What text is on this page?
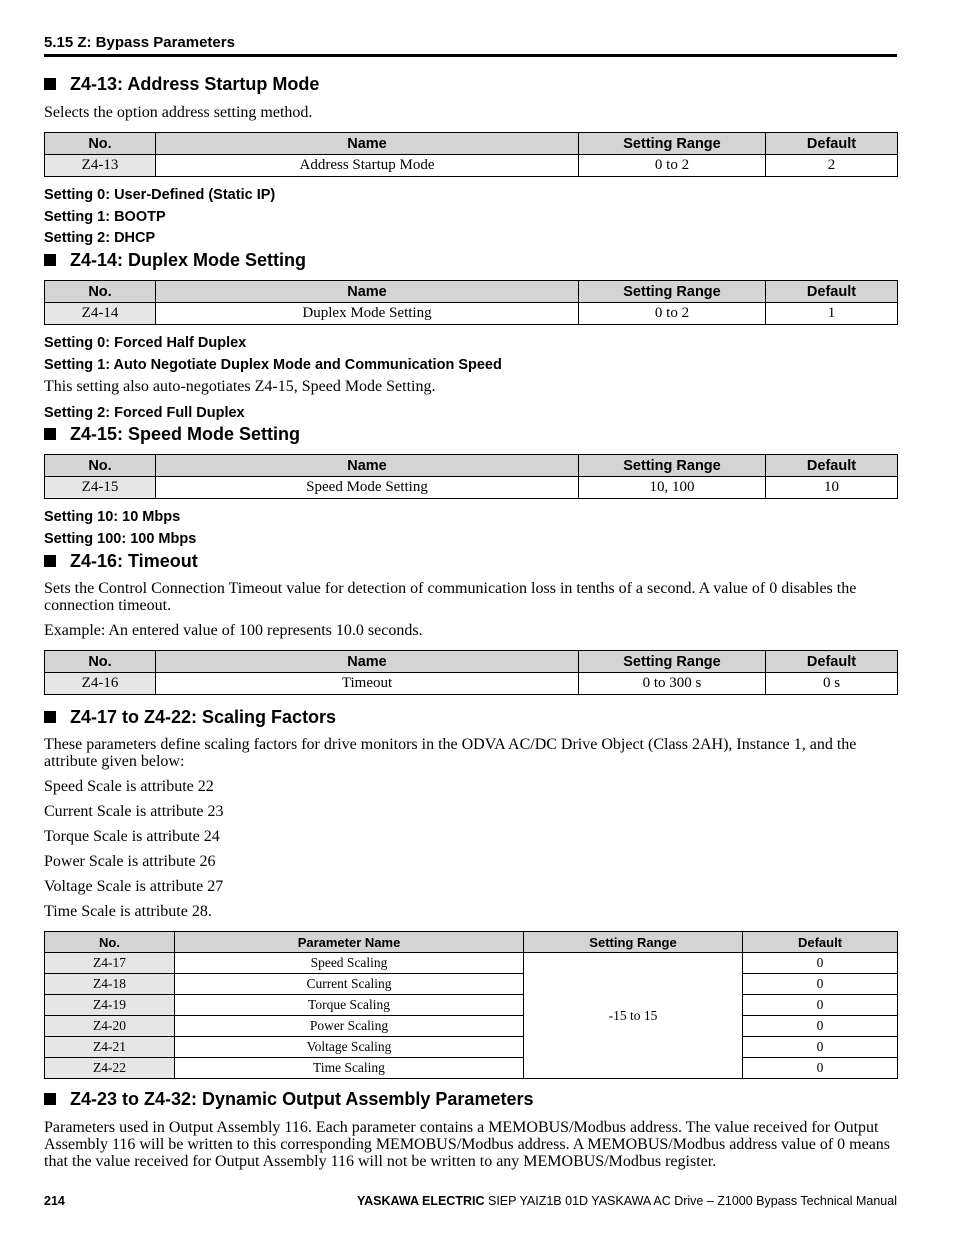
5.15 Z: Bypass Parameters
Z4-13: Address Startup Mode
Selects the option address setting method.
No.	Name	Setting Range	Default
Z4-13	Address Startup Mode	0 to 2	2
Setting 0: User-Defined (Static IP)
Setting 1: BOOTP
Setting 2: DHCP
Z4-14: Duplex Mode Setting
No.	Name	Setting Range	Default
Z4-14	Duplex Mode Setting	0 to 2	1
Setting 0: Forced Half Duplex
Setting 1: Auto Negotiate Duplex Mode and Communication Speed
This setting also auto-negotiates Z4-15, Speed Mode Setting.
Setting 2: Forced Full Duplex
Z4-15: Speed Mode Setting
No.	Name	Setting Range	Default
Z4-15	Speed Mode Setting	10, 100	10
Setting 10: 10 Mbps
Setting 100: 100 Mbps
Z4-16: Timeout
Sets the Control Connection Timeout value for detection of communication loss in tenths of a second. A value of 0 disables the connection timeout.
Example: An entered value of 100 represents 10.0 seconds.
No.	Name	Setting Range	Default
Z4-16	Timeout	0 to 300 s	0 s
Z4-17 to Z4-22: Scaling Factors
These parameters define scaling factors for drive monitors in the ODVA AC/DC Drive Object (Class 2AH), Instance 1, and the attribute given below:
Speed Scale is attribute 22
Current Scale is attribute 23
Torque Scale is attribute 24
Power Scale is attribute 26
Voltage Scale is attribute 27
Time Scale is attribute 28.
No.	Parameter Name	Setting Range	Default
Z4-17	Speed Scaling	-15 to 15	0
Z4-18	Current Scaling		0
Z4-19	Torque Scaling		0
Z4-20	Power Scaling		0
Z4-21	Voltage Scaling		0
Z4-22	Time Scaling		0
Z4-23 to Z4-32: Dynamic Output Assembly Parameters
Parameters used in Output Assembly 116. Each parameter contains a MEMOBUS/Modbus address. The value received for Output Assembly 116 will be written to this corresponding MEMOBUS/Modbus address. A MEMOBUS/Modbus address value of 0 means that the value received for Output Assembly 116 will not be written to any MEMOBUS/Modbus register.
214	YASKAWA ELECTRIC SIEP YAIZ1B 01D YASKAWA AC Drive – Z1000 Bypass Technical Manual
